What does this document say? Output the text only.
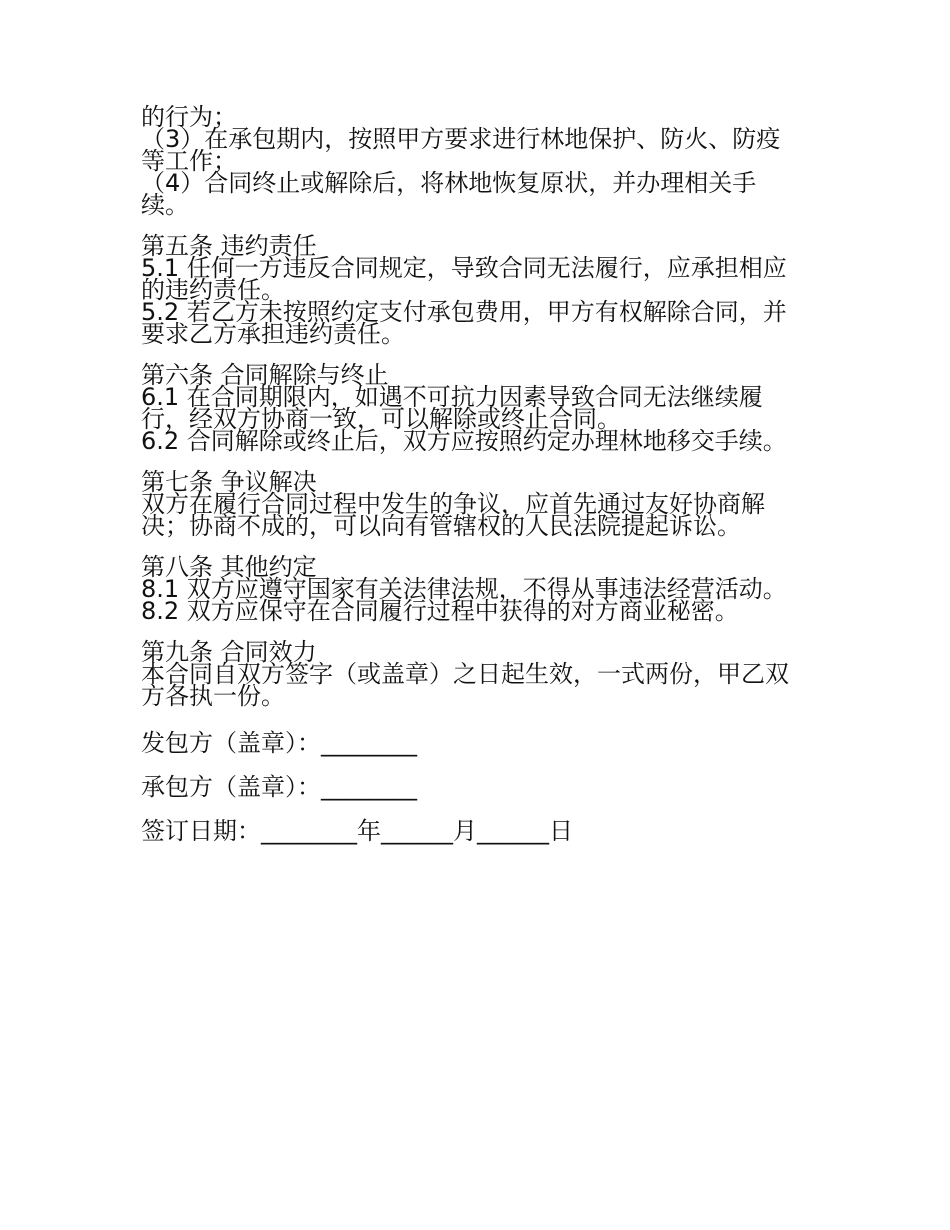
的行为；
（3）在承包期内，按照甲方要求进行林地保护、防火、防疫
等工作；
（4）合同终止或解除后，将林地恢复原状，并办理相关手
续。
第五条 违约责任
5.1 任何一方违反合同规定，导致合同无法履行，应承担相应
的违约责任。
5.2 若乙方未按照约定支付承包费用，甲方有权解除合同，并
要求乙方承担违约责任。
第六条 合同解除与终止
6.1 在合同期限内，如遇不可抗力因素导致合同无法继续履
行，经双方协商一致，可以解除或终止合同。
6.2 合同解除或终止后，双方应按照约定办理林地移交手续。
第七条 争议解决
双方在履行合同过程中发生的争议，应首先通过友好协商解
决；协商不成的，可以向有管辖权的人民法院提起诉讼。
第八条 其他约定
8.1 双方应遵守国家有关法律法规，不得从事违法经营活动。
8.2 双方应保守在合同履行过程中获得的对方商业秘密。
第九条 合同效力
本合同自双方签字（或盖章）之日起生效，一式两份，甲乙双
方各执一份。
发包方（盖章）：________
承包方（盖章）：________
签订日期：________年______月______日
